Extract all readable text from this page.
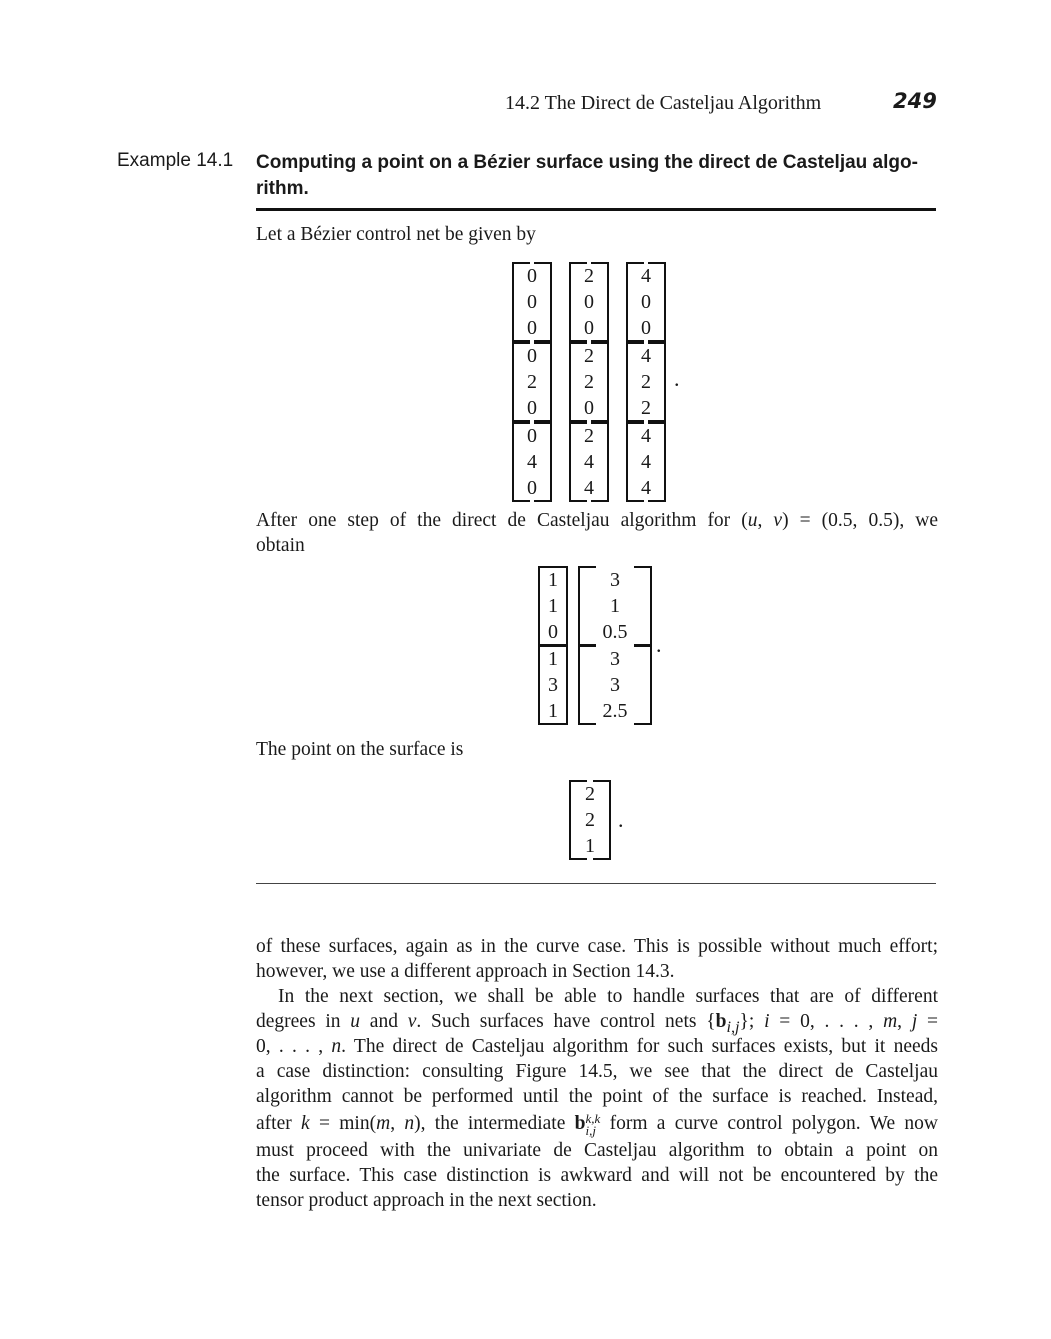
14.2 The Direct de Casteljau Algorithm	249
Example 14.1 Computing a point on a Bézier surface using the direct de Casteljau algo-rithm.
Let a Bézier control net be given by
0
0
0
2
0
0
4
0
0
0
2
0
2
2
0
4
2
2
0
4
0
2
4
4
4
4
4
.
After one step of the direct de Casteljau algorithm for (u, v) = (0.5, 0.5), we
obtain
1
1
0
3
1
0.5
1
3
1
3
3
2.5
.
The point on the surface is
2
2
1
.
of these surfaces, again as in the curve case. This is possible without much effort;
however, we use a different approach in Section 14.3.
In the next section, we shall be able to handle surfaces that are of different
degrees in u and v. Such surfaces have control nets $\{b_{i,j}\}$; i = 0, . . . , m, j =
0, . . . , n. The direct de Casteljau algorithm for such surfaces exists, but it needs
a case distinction: consulting Figure 14.5, we see that the direct de Casteljau
algorithm cannot be performed until the point of the surface is reached. Instead,
after k = min(m, n), the intermediate bk,k
i,j form a curve control polygon. We now
must proceed with the univariate de Casteljau algorithm to obtain a point on
the surface. This case distinction is awkward and will not be encountered by the
tensor product approach in the next section.
